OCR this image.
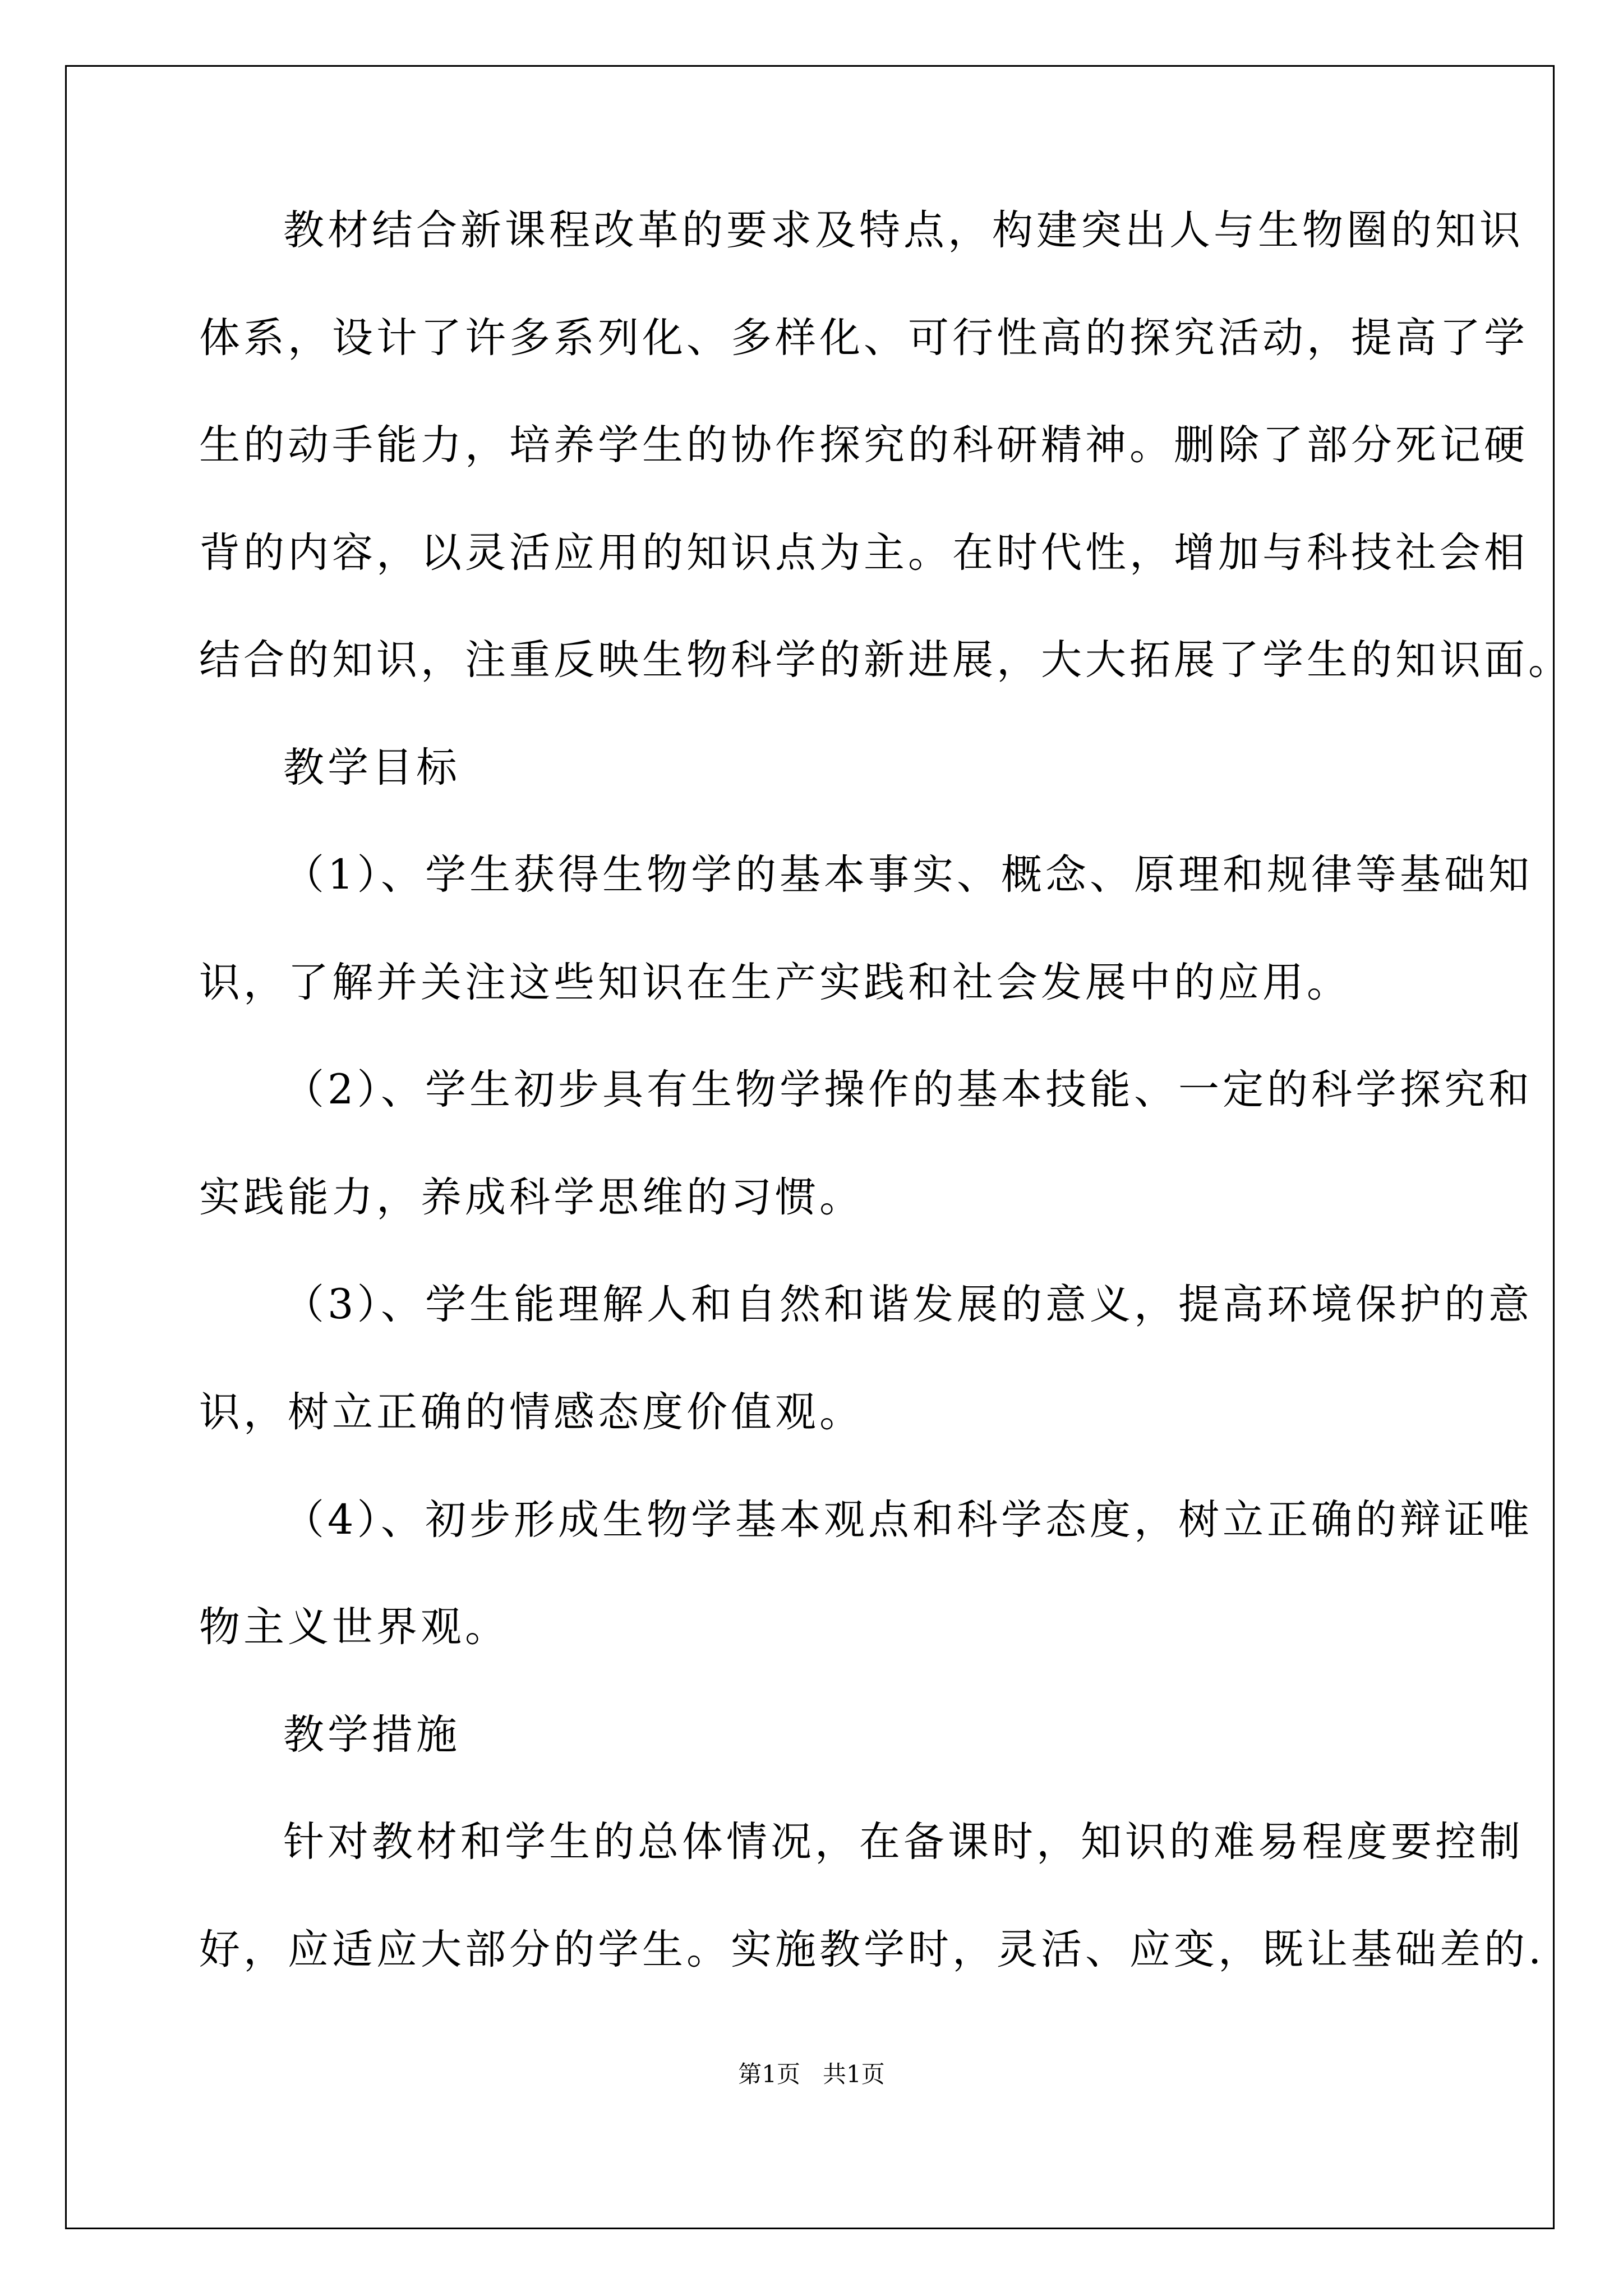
教材结合新课程改革的要求及特点，构建突出人与生物圈的知识
体系，设计了许多系列化、多样化、可行性高的探究活动，提高了学
生的动手能力，培养学生的协作探究的科研精神。删除了部分死记硬
背的内容，以灵活应用的知识点为主。在时代性，增加与科技社会相
结合的知识，注重反映生物科学的新进展，大大拓展了学生的知识面。
教学目标
（1）、学生获得生物学的基本事实、概念、原理和规律等基础知
识，了解并关注这些知识在生产实践和社会发展中的应用。
（2）、学生初步具有生物学操作的基本技能、一定的科学探究和
实践能力，养成科学思维的习惯。
（3）、学生能理解人和自然和谐发展的意义，提高环境保护的意
识，树立正确的情感态度价值观。
（4）、初步形成生物学基本观点和科学态度，树立正确的辩证唯
物主义世界观。
教学措施
针对教材和学生的总体情况，在备课时，知识的难易程度要控制
好，应适应大部分的学生。实施教学时，灵活、应变，既让基础差的.
第1页   共1页
